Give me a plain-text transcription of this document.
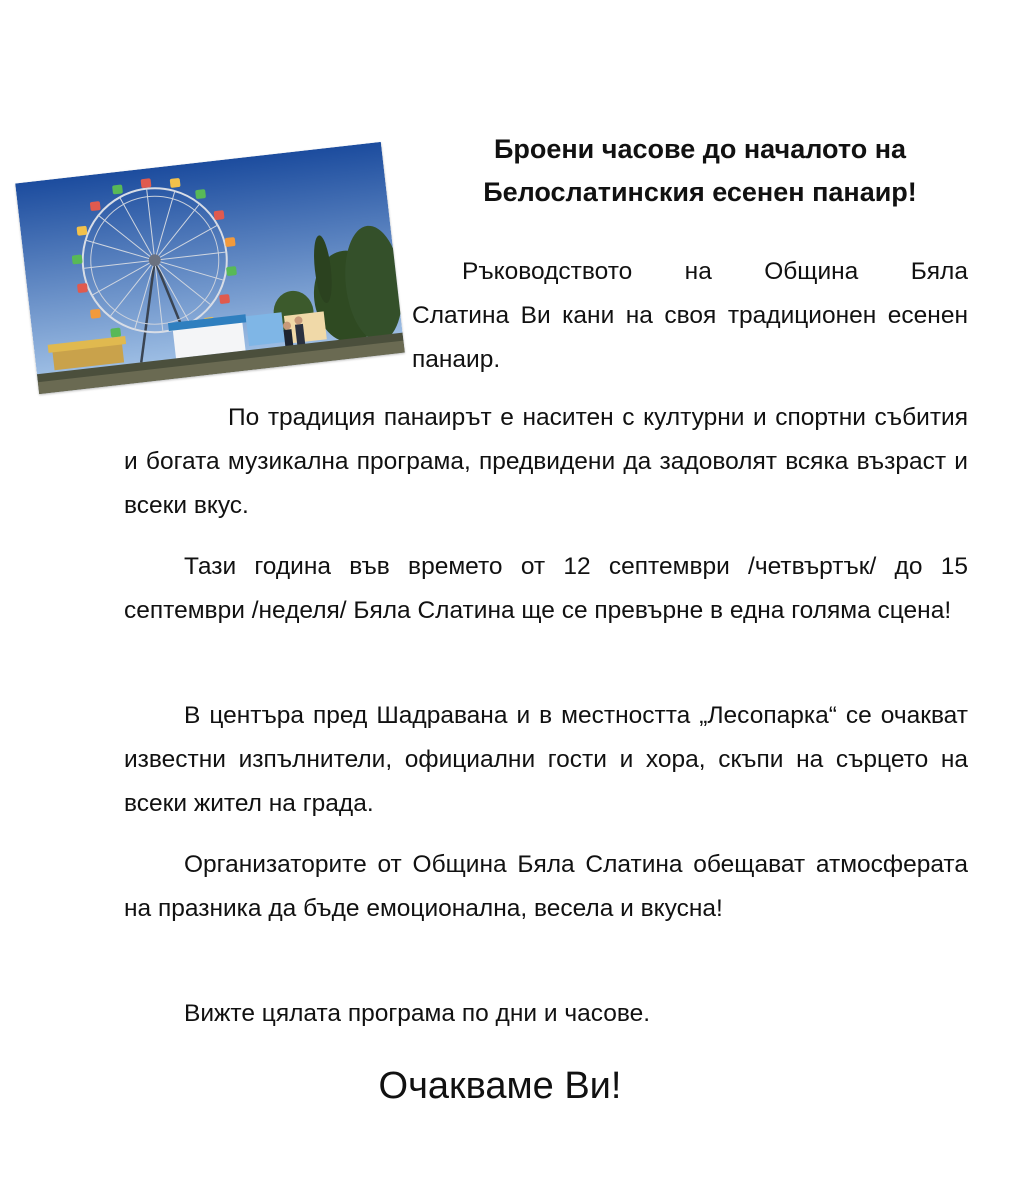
Броени часове до началото на
Белослатинския есенен панаир!
Ръководството на Община Бяла
Слатина Ви кани на своя традиционен есенен панаир.

По традиция панаирът е наситен с културни и спортни събития и богата музикална програма, предвидени да задоволят всяка възраст и всеки вкус.

Тази година във времето от 12 септември /четвъртък/ до 15 септември /неделя/ Бяла Слатина ще се превърне в една голяма сцена!

В центъра пред Шадравана и в местността „Лесопарка“ се очакват известни изпълнители, официални гости и хора, скъпи на сърцето на всеки жител на града.

Организаторите от Община Бяла Слатина обещават атмосферата на празника да бъде емоционална, весела и вкусна!

Вижте цялата програма по дни и часове.

Очакваме Ви!
